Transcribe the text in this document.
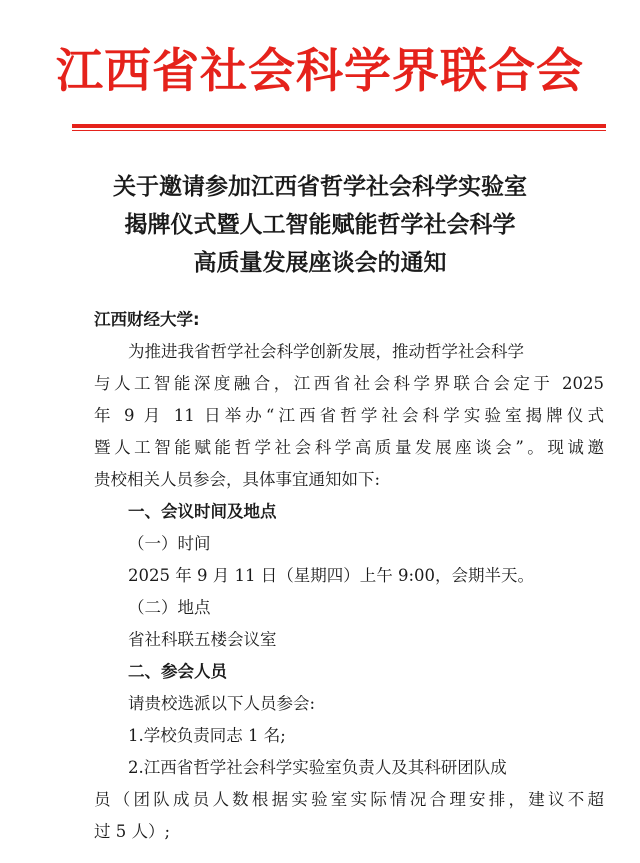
江西省社会科学界联合会
关于邀请参加江西省哲学社会科学实验室
揭牌仪式暨人工智能赋能哲学社会科学
高质量发展座谈会的通知
江西财经大学:
为推进我省哲学社会科学创新发展，推动哲学社会科学
与人工智能深度融合，江西省社会科学界联合会定于 2025
年 9 月 11 日举办“江西省哲学社会科学实验室揭牌仪式
暨人工智能赋能哲学社会科学高质量发展座谈会”。现诚邀
贵校相关人员参会，具体事宜通知如下:
一、会议时间及地点
（一）时间
2025 年 9 月 11 日（星期四）上午 9:00，会期半天。
（二）地点
省社科联五楼会议室
二、参会人员
请贵校选派以下人员参会:
1.学校负责同志 1 名;
2.江西省哲学社会科学实验室负责人及其科研团队成
员（团队成员人数根据实验室实际情况合理安排，建议不超
过 5 人）;
